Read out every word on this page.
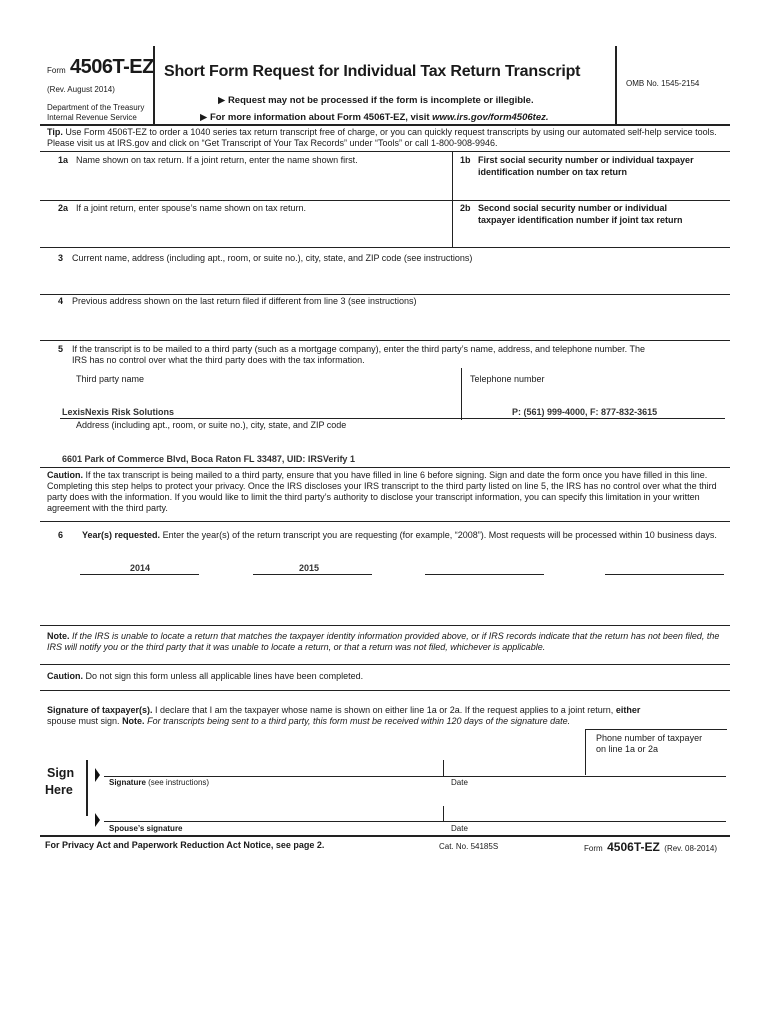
Form 4506T-EZ
(Rev. August 2014)
Department of the Treasury
Internal Revenue Service
Short Form Request for Individual Tax Return Transcript
▶ Request may not be processed if the form is incomplete or illegible.
▶ For more information about Form 4506T-EZ, visit www.irs.gov/form4506tez.
OMB No. 1545-2154
Tip. Use Form 4506T-EZ to order a 1040 series tax return transcript free of charge, or you can quickly request transcripts by using our automated self-help service tools. Please visit us at IRS.gov and click on “Get Transcript of Your Tax Records” under “Tools” or call 1-800-908-9946.
1a Name shown on tax return. If a joint return, enter the name shown first.	1b First social security number or individual taxpayer
identification number on tax return
2a If a joint return, enter spouse’s name shown on tax return.	2b Second social security number or individual
taxpayer identification number if joint tax return
3 Current name, address (including apt., room, or suite no.), city, state, and ZIP code (see instructions)
4 Previous address shown on the last return filed if different from line 3 (see instructions)
5 If the transcript is to be mailed to a third party (such as a mortgage company), enter the third party’s name, address, and telephone number. The
IRS has no control over what the third party does with the tax information.
Third party name	Telephone number
LexisNexis Risk Solutions	P: (561) 999-4000, F: 877-832-3615
Address (including apt., room, or suite no.), city, state, and ZIP code
6601 Park of Commerce Blvd, Boca Raton FL 33487, UID: IRSVerify 1
Caution. If the tax transcript is being mailed to a third party, ensure that you have filled in line 6 before signing. Sign and date the form once you have filled in this line. Completing this step helps to protect your privacy. Once the IRS discloses your IRS transcript to the third party listed on line 5, the IRS has no control over what the third party does with the information. If you would like to limit the third party’s authority to disclose your transcript information, you can specify this limitation in your written agreement with the third party.
6 Year(s) requested. Enter the year(s) of the return transcript you are requesting (for example, “2008”). Most requests will be processed within 10 business days.
2014	2015
Note. If the IRS is unable to locate a return that matches the taxpayer identity information provided above, or if IRS records indicate that the return has not been filed, the IRS will notify you or the third party that it was unable to locate a return, or that a return was not filed, whichever is applicable.
Caution. Do not sign this form unless all applicable lines have been completed.
Signature of taxpayer(s). I declare that I am the taxpayer whose name is shown on either line 1a or 2a. If the request applies to a joint return, either
spouse must sign. Note. For transcripts being sent to a third party, this form must be received within 120 days of the signature date.
Phone number of taxpayer
on line 1a or 2a
Sign
Here
Signature (see instructions)	Date
Spouse’s signature	Date
For Privacy Act and Paperwork Reduction Act Notice, see page 2.	Cat. No. 54185S	Form 4506T-EZ (Rev. 08-2014)
